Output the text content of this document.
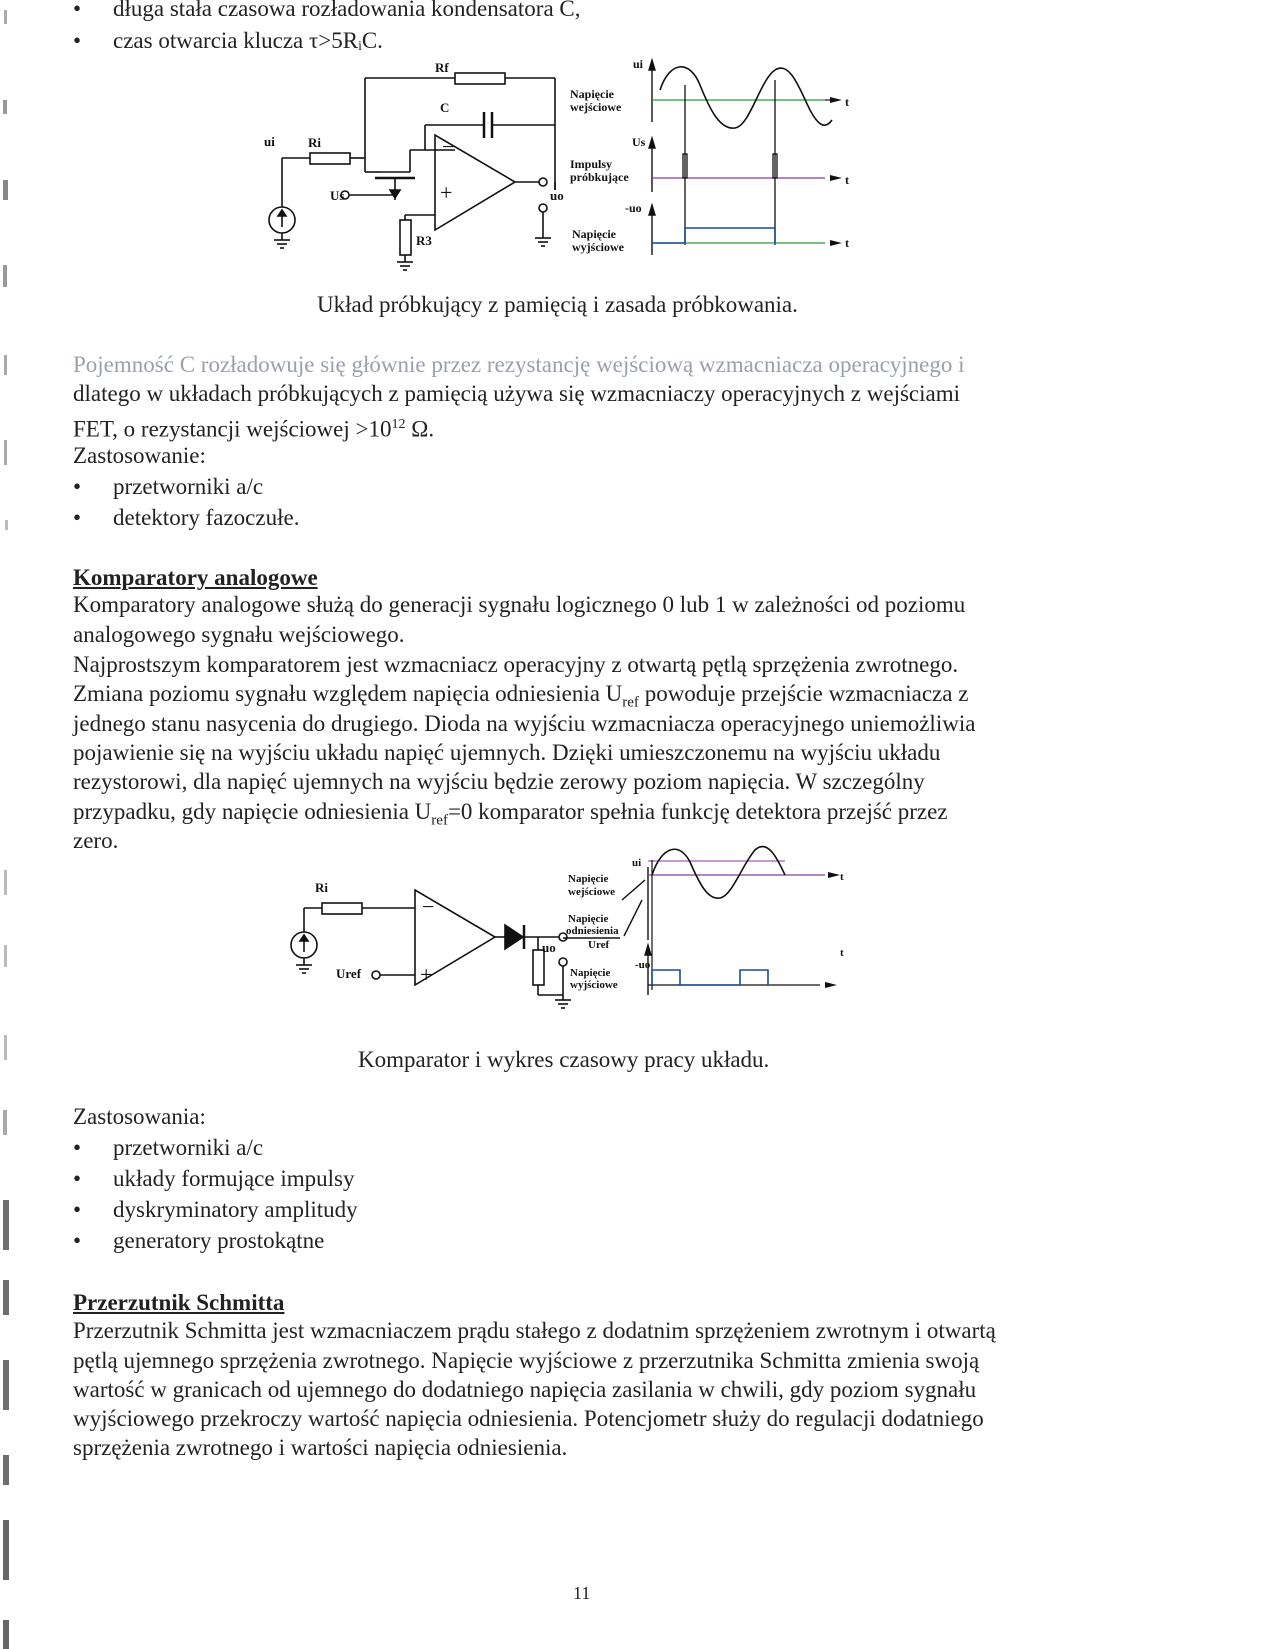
• długa stała czasowa rozładowania kondensatora C,
• czas otwarcia klucza τ>5RᵢC.
Rf
C
Ri
ui
Us
R3
uo
+
−
Napięcie wejściowe
Impulsy próbkujące
Napięcie wyjściowe
ui
Us
-uo
t
t
t
Układ próbkujący z pamięcią i zasada próbkowania.
Pojemność C rozładowuje się głównie przez rezystancję wejściową wzmacniacza operacyjnego i
dlatego w układach próbkujących z pamięcią używa się wzmacniaczy operacyjnych z wejściami
FET, o rezystancji wejściowej $>10^{12}$ Ω.
Zastosowanie:
• przetworniki a/c
• detektory fazoczułe.
Komparatory analogowe
Komparatory analogowe służą do generacji sygnału logicznego 0 lub 1 w zależności od poziomu
analogowego sygnału wejściowego.
Najprostszym komparatorem jest wzmacniacz operacyjny z otwartą pętlą sprzężenia zwrotnego.
Zmiana poziomu sygnału względem napięcia odniesienia $U_{ref}$ powoduje przejście wzmacniacza z
jednego stanu nasycenia do drugiego. Dioda na wyjściu wzmacniacza operacyjnego uniemożliwia
pojawienie się na wyjściu układu napięć ujemnych. Dzięki umieszczonemu na wyjściu układu
rezystorowi, dla napięć ujemnych na wyjściu będzie zerowy poziom napięcia. W szczególny
przypadku, gdy napięcie odniesienia $U_{ref}=0$ komparator spełnia funkcję detektora przejść przez
zero.
Ri
Uref
uo
+
−
Napięcie wejściowe
Napięcie odniesienia
Uref
Napięcie wyjściowe
ui
-uo
t
t
Komparator i wykres czasowy pracy układu.
Zastosowania:
• przetworniki a/c
• układy formujące impulsy
• dyskryminatory amplitudy
• generatory prostokątne
Przerzutnik Schmitta
Przerzutnik Schmitta jest wzmacniaczem prądu stałego z dodatnim sprzężeniem zwrotnym i otwartą
pętlą ujemnego sprzężenia zwrotnego. Napięcie wyjściowe z przerzutnika Schmitta zmienia swoją
wartość w granicach od ujemnego do dodatniego napięcia zasilania w chwili, gdy poziom sygnału
wyjściowego przekroczy wartość napięcia odniesienia. Potencjometr służy do regulacji dodatniego
sprzężenia zwrotnego i wartości napięcia odniesienia.
11
